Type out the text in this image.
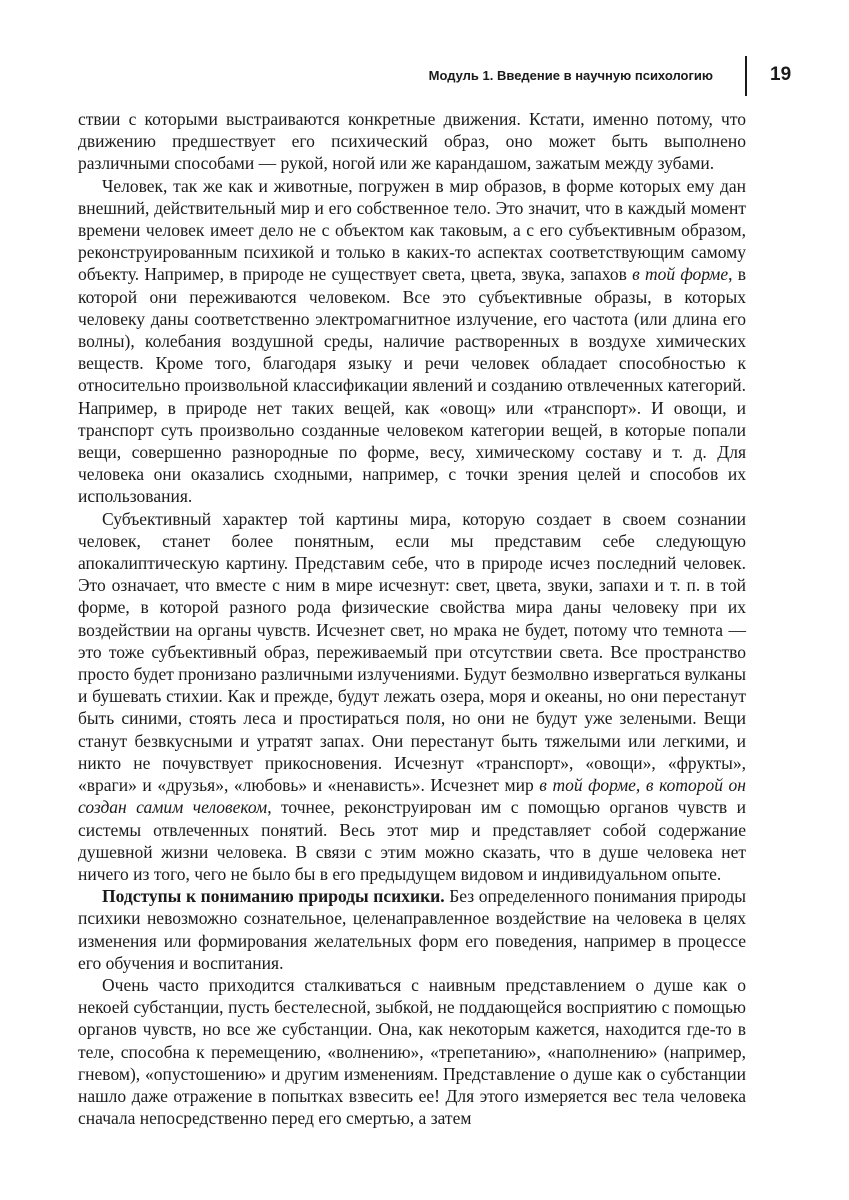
Модуль 1. Введение в научную психологию	19

ствии с которыми выстраиваются конкретные движения. Кстати, именно потому, что движению предшествует его психический образ, оно может быть выполнено различными способами — рукой, ногой или же карандашом, зажатым между зубами.

Человек, так же как и животные, погружен в мир образов, в форме которых ему дан внешний, действительный мир и его собственное тело. Это значит, что в каждый момент времени человек имеет дело не с объектом как таковым, а с его субъективным образом, реконструированным психикой и только в каких-то аспектах соответствующим самому объекту. Например, в природе не существует света, цвета, звука, запахов в той форме, в которой они переживаются человеком. Все это субъективные образы, в которых человеку даны соответственно электромагнитное излучение, его частота (или длина его волны), колебания воздушной среды, наличие растворенных в воздухе химических веществ. Кроме того, благодаря языку и речи человек обладает способностью к относительно произвольной классификации явлений и созданию отвлеченных категорий. Например, в природе нет таких вещей, как «овощ» или «транспорт». И овощи, и транспорт суть произвольно созданные человеком категории вещей, в которые попали вещи, совершенно разнородные по форме, весу, химическому составу и т. д. Для человека они оказались сходными, например, с точки зрения целей и способов их использования.

Субъективный характер той картины мира, которую создает в своем сознании человек, станет более понятным, если мы представим себе следующую апокалиптическую картину. Представим себе, что в природе исчез последний человек. Это означает, что вместе с ним в мире исчезнут: свет, цвета, звуки, запахи и т. п. в той форме, в которой разного рода физические свойства мира даны человеку при их воздействии на органы чувств. Исчезнет свет, но мрака не будет, потому что темнота — это тоже субъективный образ, переживаемый при отсутствии света. Все пространство просто будет пронизано различными излучениями. Будут безмолвно извергаться вулканы и бушевать стихии. Как и прежде, будут лежать озера, моря и океаны, но они перестанут быть синими, стоять леса и простираться поля, но они не будут уже зелеными. Вещи станут безвкусными и утратят запах. Они перестанут быть тяжелыми или легкими, и никто не почувствует прикосновения. Исчезнут «транспорт», «овощи», «фрукты», «враги» и «друзья», «любовь» и «ненависть». Исчезнет мир в той форме, в которой он создан самим человеком, точнее, реконструирован им с помощью органов чувств и системы отвлеченных понятий. Весь этот мир и представляет собой содержание душевной жизни человека. В связи с этим можно сказать, что в душе человека нет ничего из того, чего не было бы в его предыдущем видовом и индивидуальном опыте.

Подступы к пониманию природы психики. Без определенного понимания природы психики невозможно сознательное, целенаправленное воздействие на человека в целях изменения или формирования желательных форм его поведения, например в процессе его обучения и воспитания.

Очень часто приходится сталкиваться с наивным представлением о душе как о некоей субстанции, пусть бестелесной, зыбкой, не поддающейся восприятию с помощью органов чувств, но все же субстанции. Она, как некоторым кажется, находится где-то в теле, способна к перемещению, «волнению», «трепетанию», «наполнению» (например, гневом), «опустошению» и другим изменениям. Представление о душе как о субстанции нашло даже отражение в попытках взвесить ее! Для этого измеряется вес тела человека сначала непосредственно перед его смертью, а затем
